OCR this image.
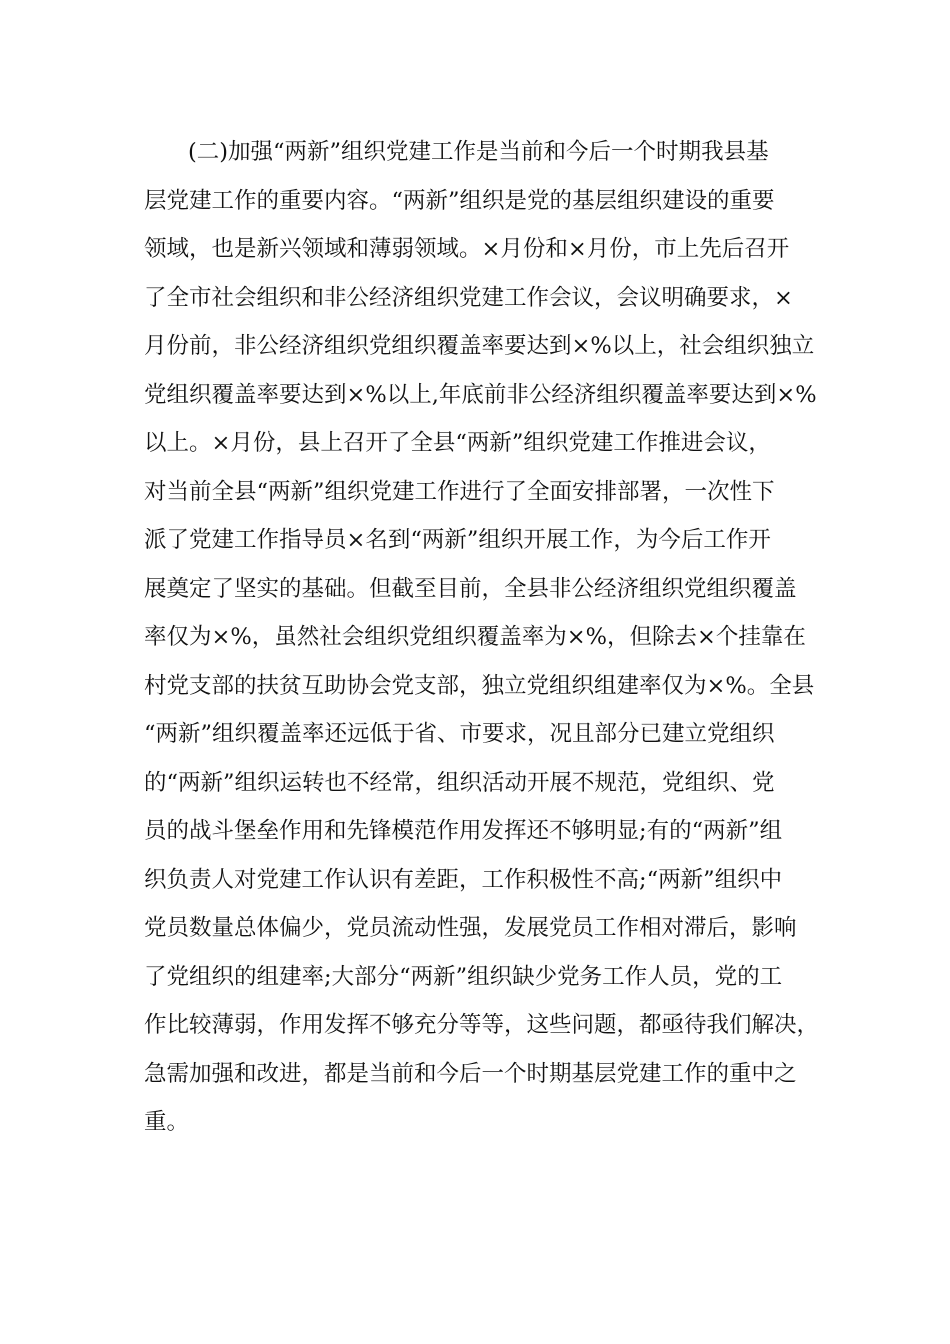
(二)加强“两新”组织党建工作是当前和今后一个时期我县基
层党建工作的重要内容。“两新”组织是党的基层组织建设的重要
领域，也是新兴领域和薄弱领域。×月份和×月份，市上先后召开
了全市社会组织和非公经济组织党建工作会议，会议明确要求，×
月份前，非公经济组织党组织覆盖率要达到×%以上，社会组织独立
党组织覆盖率要达到×%以上,年底前非公经济组织覆盖率要达到×%
以上。×月份，县上召开了全县“两新”组织党建工作推进会议，
对当前全县“两新”组织党建工作进行了全面安排部署，一次性下
派了党建工作指导员×名到“两新”组织开展工作，为今后工作开
展奠定了坚实的基础。但截至目前，全县非公经济组织党组织覆盖
率仅为×%，虽然社会组织党组织覆盖率为×%，但除去×个挂靠在
村党支部的扶贫互助协会党支部，独立党组织组建率仅为×%。全县
“两新”组织覆盖率还远低于省、市要求，况且部分已建立党组织
的“两新”组织运转也不经常，组织活动开展不规范，党组织、党
员的战斗堡垒作用和先锋模范作用发挥还不够明显;有的“两新”组
织负责人对党建工作认识有差距，工作积极性不高;“两新”组织中
党员数量总体偏少，党员流动性强，发展党员工作相对滞后，影响
了党组织的组建率;大部分“两新”组织缺少党务工作人员，党的工
作比较薄弱，作用发挥不够充分等等，这些问题，都亟待我们解决，
急需加强和改进，都是当前和今后一个时期基层党建工作的重中之
重。
